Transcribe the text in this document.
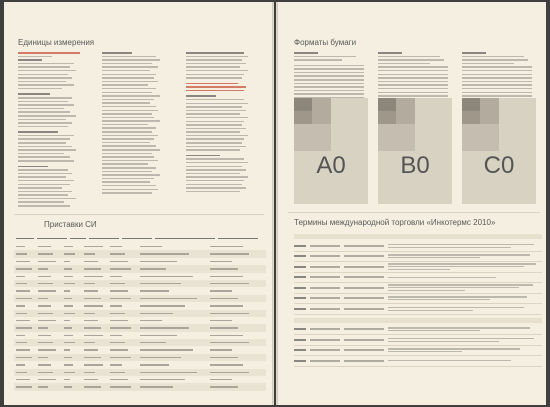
Единицы измерения
Приставки СИ
Форматы бумаги
A0	B0	C0
Термины международной торговли «Инкотермс 2010»
